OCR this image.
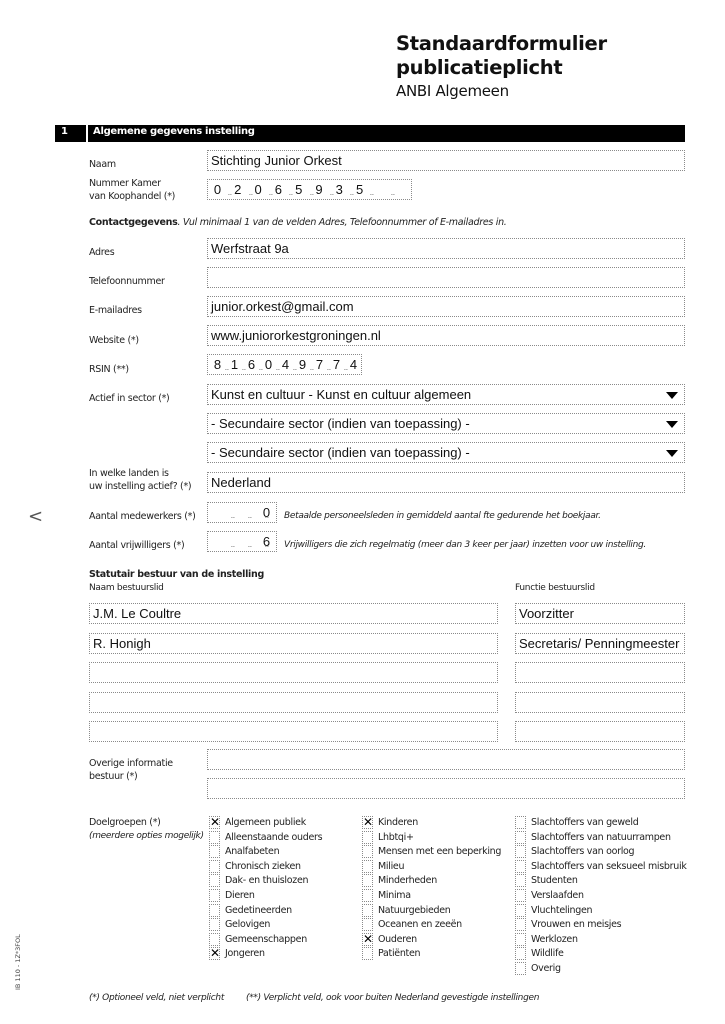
Standaardformulier
publicatieplicht
ANBI Algemeen
1	Algemene gegevens instelling
Naam	Stichting Junior Orkest
Nummer Kamer
van Koophandel (*)	0 2 0 6 5 9 3 5
Contactgegevens. Vul minimaal 1 van de velden Adres, Telefoonnummer of E-mailadres in.
Adres	Werfstraat 9a
Telefoonnummer
E-mailadres	junior.orkest@gmail.com
Website (*)	www.juniororkestgroningen.nl
RSIN (**)	8 1 6 0 4 9 7 7 4
Actief in sector (*)	Kunst en cultuur - Kunst en cultuur algemeen
- Secundaire sector (indien van toepassing) -
- Secundaire sector (indien van toepassing) -
In welke landen is
uw instelling actief? (*)	Nederland
Aantal medewerkers (*)	0	Betaalde personeelsleden in gemiddeld aantal fte gedurende het boekjaar.
Aantal vrijwilligers (*)	6	Vrijwilligers die zich regelmatig (meer dan 3 keer per jaar) inzetten voor uw instelling.
Statutair bestuur van de instelling
Naam bestuurslid	Functie bestuurslid
J.M. Le Coultre	Voorzitter
R. Honigh	Secretaris/ Penningmeester
Overige informatie
bestuur (*)
Doelgroepen (*)
(meerdere opties mogelijk)
✕ Algemeen publiek
Alleenstaande ouders
Analfabeten
Chronisch zieken
Dak- en thuislozen
Dieren
Gedetineerden
Gelovigen
Gemeenschappen
✕ Jongeren
✕ Kinderen
Lhbtqi+
Mensen met een beperking
Milieu
Minderheden
Minima
Natuurgebieden
Oceanen en zeeën
✕ Ouderen
Patiënten
Slachtoffers van geweld
Slachtoffers van natuurrampen
Slachtoffers van oorlog
Slachtoffers van seksueel misbruik
Studenten
Verslaafden
Vluchtelingen
Vrouwen en meisjes
Werklozen
Wildlife
Overig
<
IB 110 - 1Z*3FOL
(*) Optioneel veld, niet verplicht (**) Verplicht veld, ook voor buiten Nederland gevestigde instellingen
